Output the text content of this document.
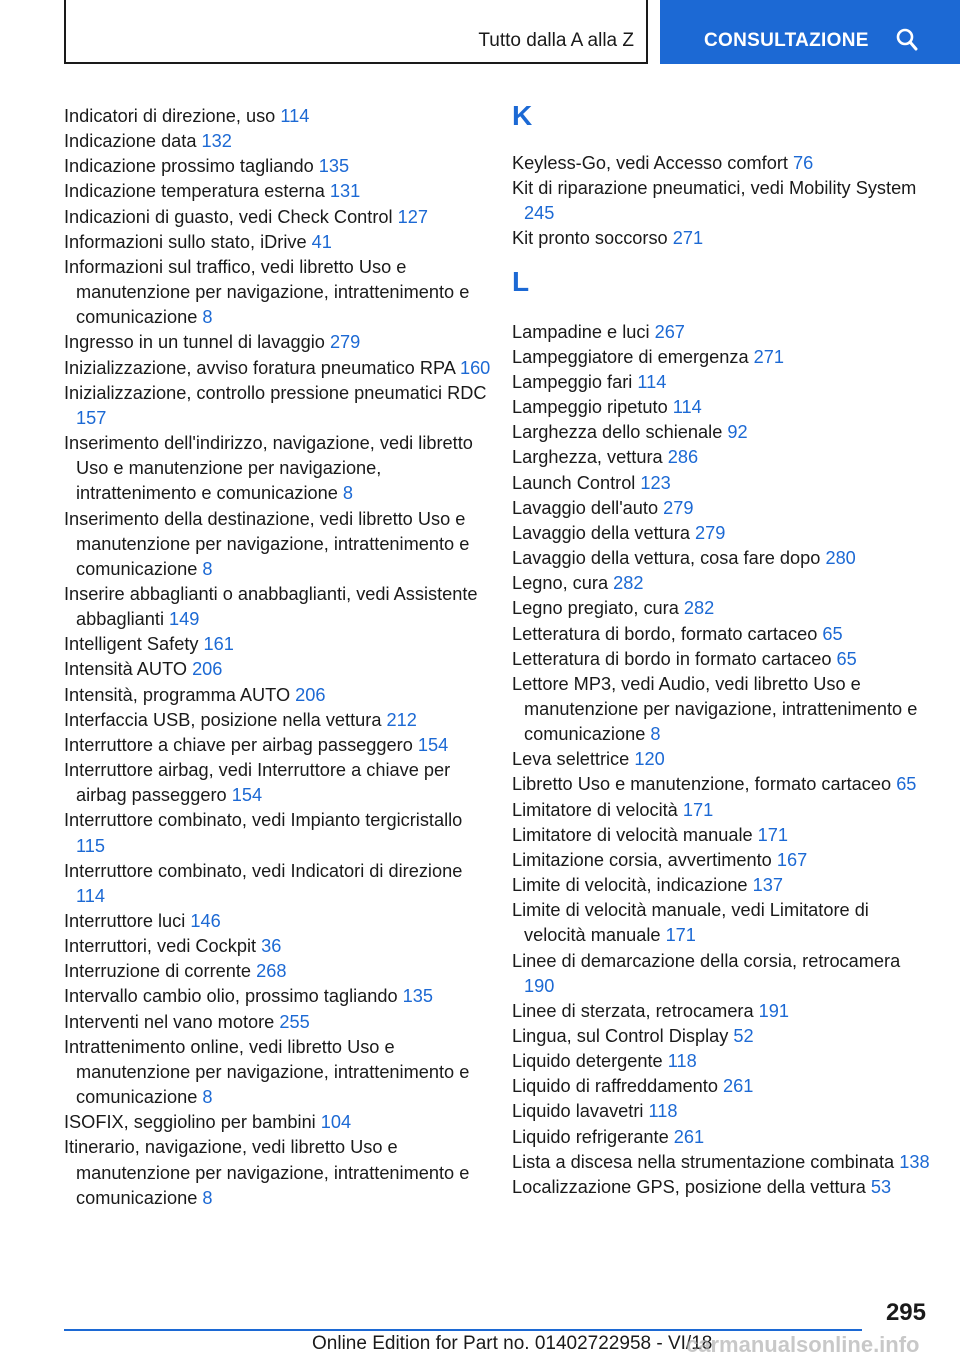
Tutto dalla A alla Z	CONSULTAZIONE
Indicatori di direzione, uso 114
Indicazione data 132
Indicazione prossimo tagliando 135
Indicazione temperatura esterna 131
Indicazioni di guasto, vedi Check Control 127
Informazioni sullo stato, iDrive 41
Informazioni sul traffico, vedi libretto Uso e manutenzione per navigazione, intrattenimento e comunicazione 8
Ingresso in un tunnel di lavaggio 279
Inizializzazione, avviso foratura pneumatico RPA 160
Inizializzazione, controllo pressione pneumatici RDC 157
Inserimento dell'indirizzo, navigazione, vedi libretto Uso e manutenzione per navigazione, intrattenimento e comunicazione 8
Inserimento della destinazione, vedi libretto Uso e manutenzione per navigazione, intrattenimento e comunicazione 8
Inserire abbaglianti o anabbaglianti, vedi Assistente abbaglianti 149
Intelligent Safety 161
Intensità AUTO 206
Intensità, programma AUTO 206
Interfaccia USB, posizione nella vettura 212
Interruttore a chiave per airbag passeggero 154
Interruttore airbag, vedi Interruttore a chiave per airbag passeggero 154
Interruttore combinato, vedi Impianto tergicristallo 115
Interruttore combinato, vedi Indicatori di direzione 114
Interruttore luci 146
Interruttori, vedi Cockpit 36
Interruzione di corrente 268
Intervallo cambio olio, prossimo tagliando 135
Interventi nel vano motore 255
Intrattenimento online, vedi libretto Uso e manutenzione per navigazione, intrattenimento e comunicazione 8
ISOFIX, seggiolino per bambini 104
Itinerario, navigazione, vedi libretto Uso e manutenzione per navigazione, intrattenimento e comunicazione 8
K
Keyless-Go, vedi Accesso comfort 76
Kit di riparazione pneumatici, vedi Mobility System 245
Kit pronto soccorso 271
L
Lampadine e luci 267
Lampeggiatore di emergenza 271
Lampeggio fari 114
Lampeggio ripetuto 114
Larghezza dello schienale 92
Larghezza, vettura 286
Launch Control 123
Lavaggio dell'auto 279
Lavaggio della vettura 279
Lavaggio della vettura, cosa fare dopo 280
Legno, cura 282
Legno pregiato, cura 282
Letteratura di bordo, formato cartaceo 65
Letteratura di bordo in formato cartaceo 65
Lettore MP3, vedi Audio, vedi libretto Uso e manutenzione per navigazione, intrattenimento e comunicazione 8
Leva selettrice 120
Libretto Uso e manutenzione, formato cartaceo 65
Limitatore di velocità 171
Limitatore di velocità manuale 171
Limitazione corsia, avvertimento 167
Limite di velocità, indicazione 137
Limite di velocità manuale, vedi Limitatore di velocità manuale 171
Linee di demarcazione della corsia, retrocamera 190
Linee di sterzata, retrocamera 191
Lingua, sul Control Display 52
Liquido detergente 118
Liquido di raffreddamento 261
Liquido lavavetri 118
Liquido refrigerante 261
Lista a discesa nella strumentazione combinata 138
Localizzazione GPS, posizione della vettura 53
295
Online Edition for Part no. 01402722958 - VI/18
carmanualsonline.info
